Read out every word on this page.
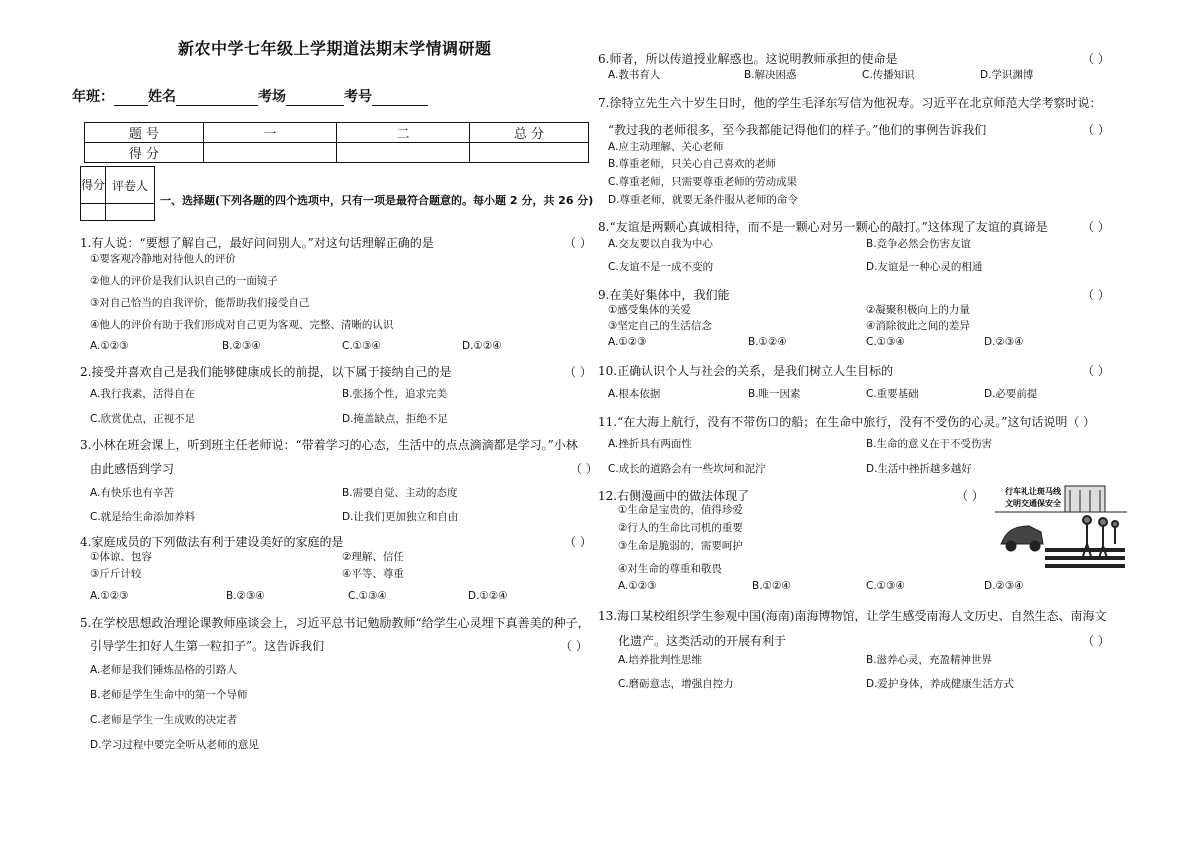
新农中学七年级上学期道法期末学情调研题
年班： 姓名	考场	考号
题 号	一	二	总 分
得 分			
得分	评卷人

一、选择题(下列各题的四个选项中，只有一项是最符合题意的。每小题 2 分，共 26 分)
1.有人说：“要想了解自己，最好问问别人。”对这句话理解正确的是	（ ）
①要客观冷静地对待他人的评价
②他人的评价是我们认识自己的一面镜子
③对自己恰当的自我评价，能帮助我们接受自己
④他人的评价有助于我们形成对自己更为客观、完整、清晰的认识
A.①②③	B.②③④	C.①③④	D.①②④
2.接受并喜欢自己是我们能够健康成长的前提，以下属于接纳自己的是	（ ）
A.我行我素，活得自在	B.张扬个性，追求完美
C.欣赏优点，正视不足	D.掩盖缺点，拒绝不足
3.小林在班会课上，听到班主任老师说：“带着学习的心态，生活中的点点滴滴都是学习。”小林
由此感悟到学习	（ ）
A.有快乐也有辛苦	B.需要自觉、主动的态度
C.就是给生命添加养料	D.让我们更加独立和自由
4.家庭成员的下列做法有利于建设美好的家庭的是	（ ）
①体谅、包容	②理解、信任
③斤斤计较	④平等、尊重
A.①②③	B.②③④	C.①③④	D.①②④
5.在学校思想政治理论课教师座谈会上，习近平总书记勉励教师“给学生心灵埋下真善美的种子，
引导学生扣好人生第一粒扣子”。这告诉我们	（ ）
A.老师是我们锤炼品格的引路人
B.老师是学生生命中的第一个导师
C.老师是学生一生成败的决定者
D.学习过程中要完全听从老师的意见
6.师者，所以传道授业解惑也。这说明教师承担的使命是	（ ）
A.教书育人	B.解决困惑	C.传播知识	D.学识渊博
7.徐特立先生六十岁生日时，他的学生毛泽东写信为他祝寿。习近平在北京师范大学考察时说：
“教过我的老师很多，至今我都能记得他们的样子。”他们的事例告诉我们	（ ）
A.应主动理解、关心老师
B.尊重老师，只关心自己喜欢的老师
C.尊重老师，只需要尊重老师的劳动成果
D.尊重老师，就要无条件服从老师的命令
8.“友谊是两颗心真诚相待，而不是一颗心对另一颗心的敲打。”这体现了友谊的真谛是	（ ）
A.交友要以自我为中心	B.竞争必然会伤害友谊
C.友谊不是一成不变的	D.友谊是一种心灵的相通
9.在美好集体中，我们能	（ ）
①感受集体的关爱	②凝聚积极向上的力量
③坚定自己的生活信念	④消除彼此之间的差异
A.①②③	B.①②④	C.①③④	D.②③④
10.正确认识个人与社会的关系，是我们树立人生目标的	（ ）
A.根本依据	B.唯一因素	C.重要基础	D.必要前提
11.“在大海上航行，没有不带伤口的船；在生命中旅行，没有不受伤的心灵。”这句话说明（ ）
A.挫折具有两面性	B.生命的意义在于不受伤害
C.成长的道路会有一些坎坷和泥泞	D.生活中挫折越多越好
12.右侧漫画中的做法体现了	（ ）
①生命是宝贵的，值得珍爱
②行人的生命比司机的重要
③生命是脆弱的，需要呵护
④对生命的尊重和敬畏
A.①②③	B.①②④	C.①③④	D.②③④
行车礼让斑马线
文明交通保安全
13.海口某校组织学生参观中国(海南)南海博物馆，让学生感受南海人文历史、自然生态、南海文
化遗产。这类活动的开展有利于	（ ）
A.培养批判性思维	B.滋养心灵，充盈精神世界
C.磨砺意志，增强自控力	D.爱护身体，养成健康生活方式
